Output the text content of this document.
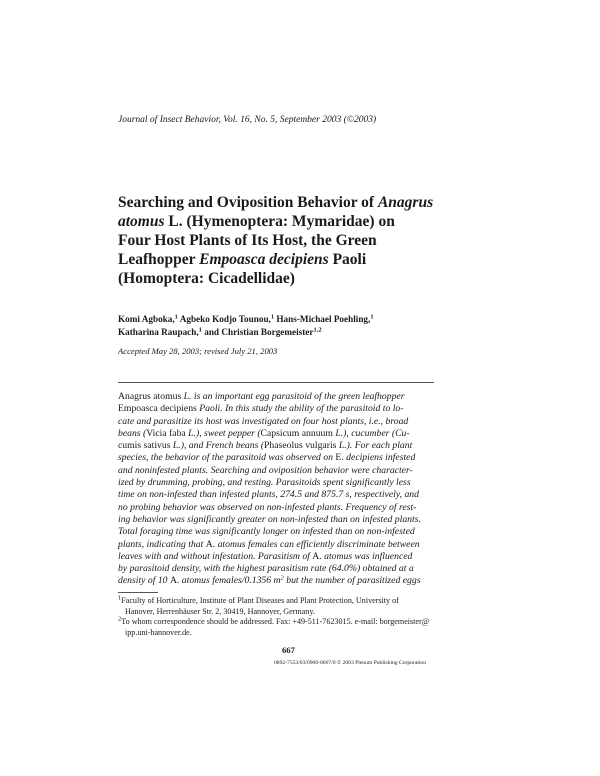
Journal of Insect Behavior, Vol. 16, No. 5, September 2003 (©2003)
Searching and Oviposition Behavior of Anagrus
atomus L. (Hymenoptera: Mymaridae) on
Four Host Plants of Its Host, the Green
Leafhopper Empoasca decipiens Paoli
(Homoptera: Cicadellidae)
Komi Agboka,$^1$ Agbeko Kodjo Tounou,$^1$ Hans-Michael Poehling,$^1$
Katharina Raupach,$^1$ and Christian Borgemeister$^{1,2}$
Accepted May 28, 2003; revised July 21, 2003
Anagrus atomus L. is an important egg parasitoid of the green leafhopper
Empoasca decipiens Paoli. In this study the ability of the parasitoid to lo-
cate and parasitize its host was investigated on four host plants, i.e., broad
beans (Vicia faba L.), sweet pepper (Capsicum annuum L.), cucumber (Cu-
cumis sativus L.), and French beans (Phaseolus vulgaris L.). For each plant
species, the behavior of the parasitoid was observed on E. decipiens infested
and noninfested plants. Searching and oviposition behavior were character-
ized by drumming, probing, and resting. Parasitoids spent significantly less
time on non-infested than infested plants, 274.5 and 875.7 s, respectively, and
no probing behavior was observed on non-infested plants. Frequency of rest-
ing behavior was significantly greater on non-infested than on infested plants.
Total foraging time was significantly longer on infested than on non-infested
plants, indicating that A. atomus females can efficiently discriminate between
leaves with and without infestation. Parasitism of A. atomus was influenced
by parasitoid density, with the highest parasitism rate (64.0%) obtained at a
density of 10 A. atomus females/0.1356 $m^2$ but the number of parasitized eggs
$^1$Faculty of Horticulture, Institute of Plant Diseases and Plant Protection, University of
Hanover, Herrenhäuser Str. 2, 30419, Hannover, Germany.
$^2$To whom correspondence should be addressed. Fax: +49-511-7623015. e-mail: borgemeister@
ipp.uni-hannover.de.
667
0892-7553/03/0900-0667/0 © 2003 Plenum Publishing Corporation
